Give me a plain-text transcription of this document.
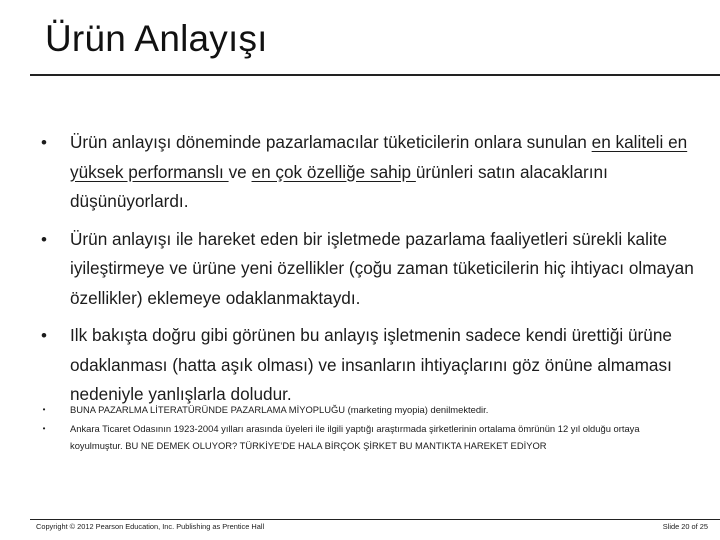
Ürün Anlayışı
• Ürün anlayışı döneminde pazarlamacılar tüketicilerin onlara sunulan en kaliteli en yüksek performanslı ve en çok özelliğe sahip ürünleri satın alacaklarını düşünüyorlardı.
• Ürün anlayışı ile hareket eden bir işletmede pazarlama faaliyetleri sürekli kalite iyileştirmeye ve ürüne yeni özellikler (çoğu zaman tüketicilerin hiç ihtiyacı olmayan özellikler) eklemeye odaklanmaktaydı.
• Ilk bakışta doğru gibi görünen bu anlayış işletmenin sadece kendi ürettiği ürüne odaklanması (hatta aşık olması) ve insanların ihtiyaçlarını göz önüne almaması nedeniyle yanlışlarla doludur.
•	BUNA PAZARLMA LİTERATÜRÜNDE PAZARLAMA MİYOPLUĞU (marketing myopia) denilmektedir.
•	Ankara Ticaret Odasının 1923-2004 yılları arasında üyeleri ile ilgili yaptığı araştırmada şirketlerinin ortalama ömrünün 12 yıl olduğu ortaya koyulmuştur. BU NE DEMEK OLUYOR? TÜRKİYE’DE HALA BİRÇOK ŞİRKET BU MANTIKTA HAREKET EDİYOR
Copyright © 2012 Pearson Education, Inc. Publishing as Prentice Hall	Slide 20 of 25
